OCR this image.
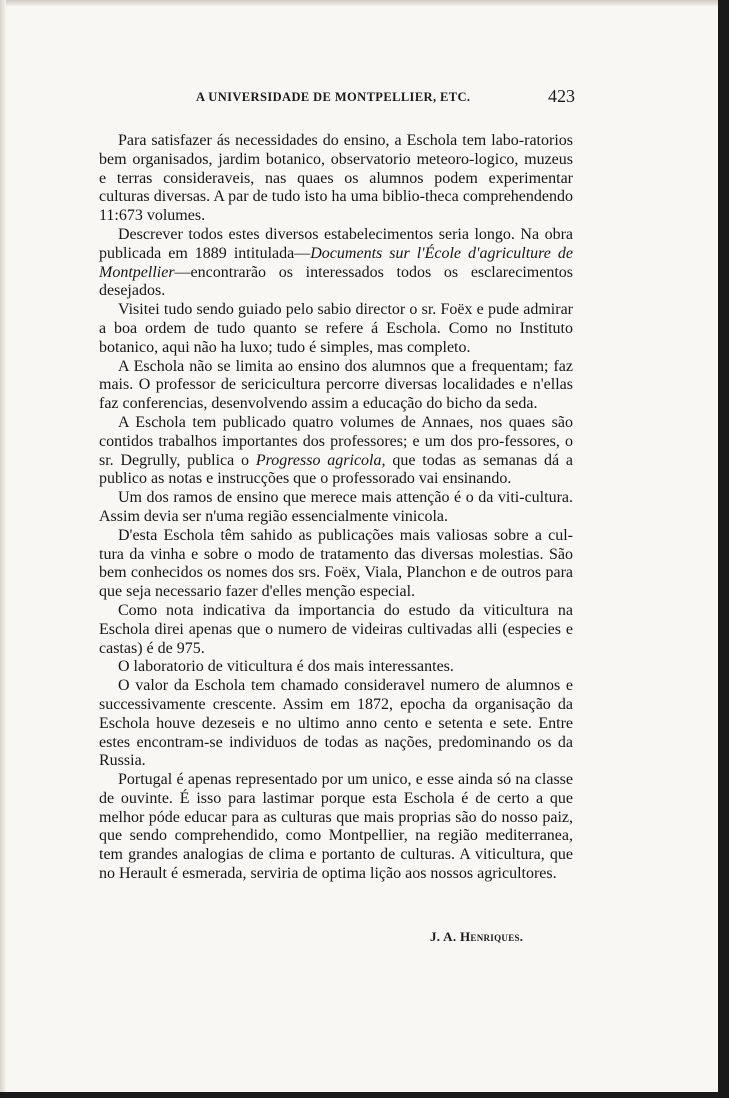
A UNIVERSIDADE DE MONTPELLIER, ETC.	423

Para satisfazer ás necessidades do ensino, a Eschola tem labo-ratorios bem organisados, jardim botanico, observatorio meteoro-logico, muzeus e terras consideraveis, nas quaes os alumnos podem experimentar culturas diversas. A par de tudo isto ha uma biblio-theca comprehendendo 11:673 volumes.

Descrever todos estes diversos estabelecimentos seria longo. Na obra publicada em 1889 intitulada—Documents sur l'École d'agriculture de Montpellier—encontrarão os interessados todos os esclarecimentos desejados.

Visitei tudo sendo guiado pelo sabio director o sr. Foëx e pude admirar a boa ordem de tudo quanto se refere á Eschola. Como no Instituto botanico, aqui não ha luxo; tudo é simples, mas completo.

A Eschola não se limita ao ensino dos alumnos que a frequentam; faz mais. O professor de sericicultura percorre diversas localidades e n'ellas faz conferencias, desenvolvendo assim a educação do bicho da seda.

A Eschola tem publicado quatro volumes de Annaes, nos quaes são contidos trabalhos importantes dos professores; e um dos pro-fessores, o sr. Degrully, publica o Progresso agricola, que todas as semanas dá a publico as notas e instrucções que o professorado vai ensinando.

Um dos ramos de ensino que merece mais attenção é o da viti-cultura. Assim devia ser n'uma região essencialmente vinicola.

D'esta Eschola têm sahido as publicações mais valiosas sobre a cul-tura da vinha e sobre o modo de tratamento das diversas molestias. São bem conhecidos os nomes dos srs. Foëx, Viala, Planchon e de outros para que seja necessario fazer d'elles menção especial.

Como nota indicativa da importancia do estudo da viticultura na Eschola direi apenas que o numero de videiras cultivadas alli (especies e castas) é de 975.

O laboratorio de viticultura é dos mais interessantes.

O valor da Eschola tem chamado consideravel numero de alumnos e successivamente crescente. Assim em 1872, epocha da organisação da Eschola houve dezeseis e no ultimo anno cento e setenta e sete. Entre estes encontram-se individuos de todas as nações, predominando os da Russia.

Portugal é apenas representado por um unico, e esse ainda só na classe de ouvinte. É isso para lastimar porque esta Eschola é de certo a que melhor póde educar para as culturas que mais proprias são do nosso paiz, que sendo comprehendido, como Montpellier, na região mediterranea, tem grandes analogias de clima e portanto de culturas. A viticultura, que no Herault é esmerada, serviria de optima lição aos nossos agricultores.

J. A. Henriques.
